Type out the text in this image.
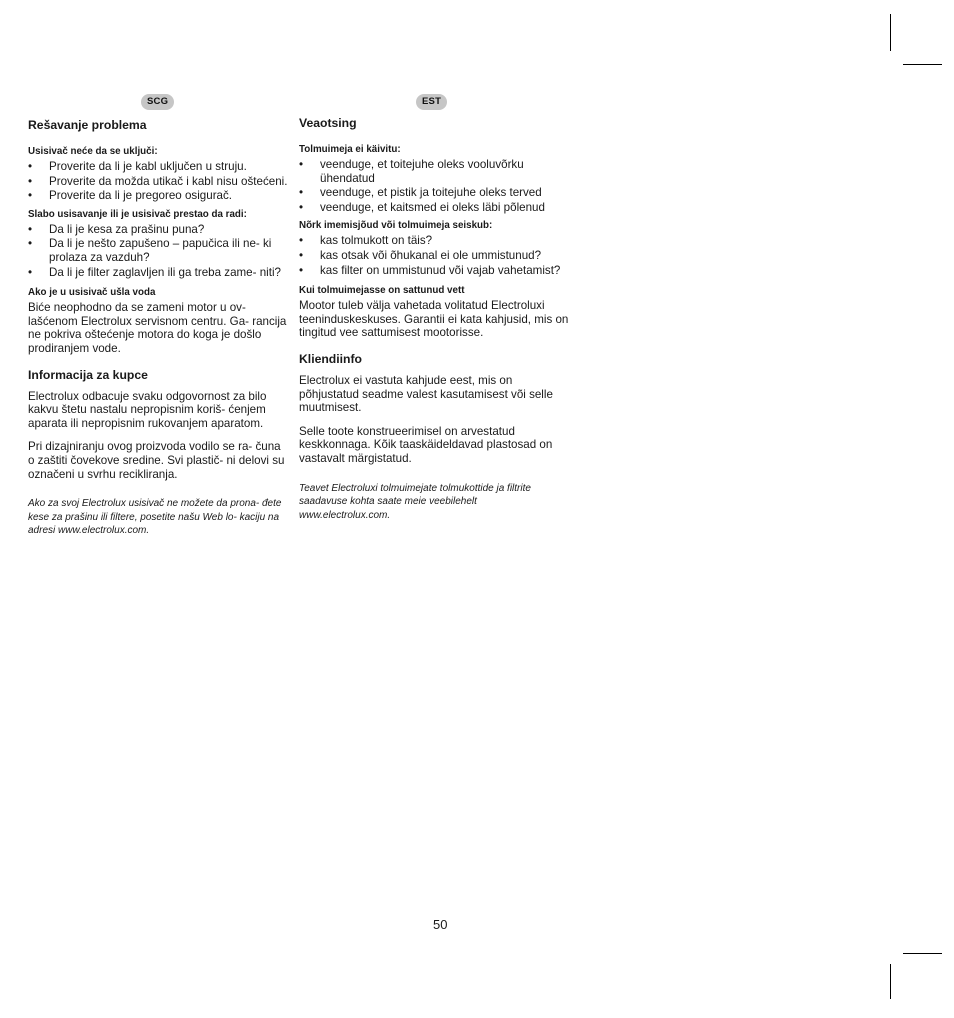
SCG
Rešavanje problema
Usisivač neće da se uključi:
• Proverite da li je kabl uključen u struju.
• Proverite da možda utikač i kabl nisu oštećeni.
• Proverite da li je pregoreo osigurač.
Slabo usisavanje ili je usisivač prestao da radi:
• Da li je kesa za prašinu puna?
• Da li je nešto zapušeno – papučica ili ne- ki prolaza za vazduh?
• Da li je filter zaglavljen ili ga treba zame- niti?
Ako je u usisivač ušla voda

Biće neophodno da se zameni motor u ov- lašćenom Electrolux servisnom centru. Ga- rancija ne pokriva oštećenje motora do koga je došlo prodiranjem vode.

Informacija za kupce

Electrolux odbacuje svaku odgovornost za bilo kakvu štetu nastalu nepropisnim koriš- ćenjem aparata ili nepropisnim rukovanjem aparatom.

Pri dizajniranju ovog proizvoda vodilo se ra- čuna o zaštiti čovekove sredine. Svi plastič- ni delovi su označeni u svrhu recikliranja.

Ako za svoj Electrolux usisivač ne možete da prona- đete kese za prašinu ili filtere, posetite našu Web lo- kaciju na adresi www.electrolux.com.

EST
Veaotsing
Tolmuimeja ei käivitu:
• veenduge, et toitejuhe oleks vooluvõrku ühendatud
• veenduge, et pistik ja toitejuhe oleks terved
• veenduge, et kaitsmed ei oleks läbi põlenud
Nõrk imemisjõud või tolmuimeja seiskub:
• kas tolmukott on täis?
• kas otsak või õhukanal ei ole ummistunud?
• kas filter on ummistunud või vajab vahetamist?
Kui tolmuimejasse on sattunud vett

Mootor tuleb välja vahetada volitatud Electroluxi teeninduskeskuses. Garantii ei kata kahjusid, mis on tingitud vee sattumisest mootorisse.

Kliendiinfo

Electrolux ei vastuta kahjude eest, mis on põhjustatud seadme valest kasutamisest või selle muutmisest.

Selle toote konstrueerimisel on arvestatud keskkonnaga. Kõik taaskäideldavad plastosad on vastavalt märgistatud.

Teavet Electroluxi tolmuimejate tolmukottide ja filtrite saadavuse kohta saate meie veebilehelt www.electrolux.com.

50
